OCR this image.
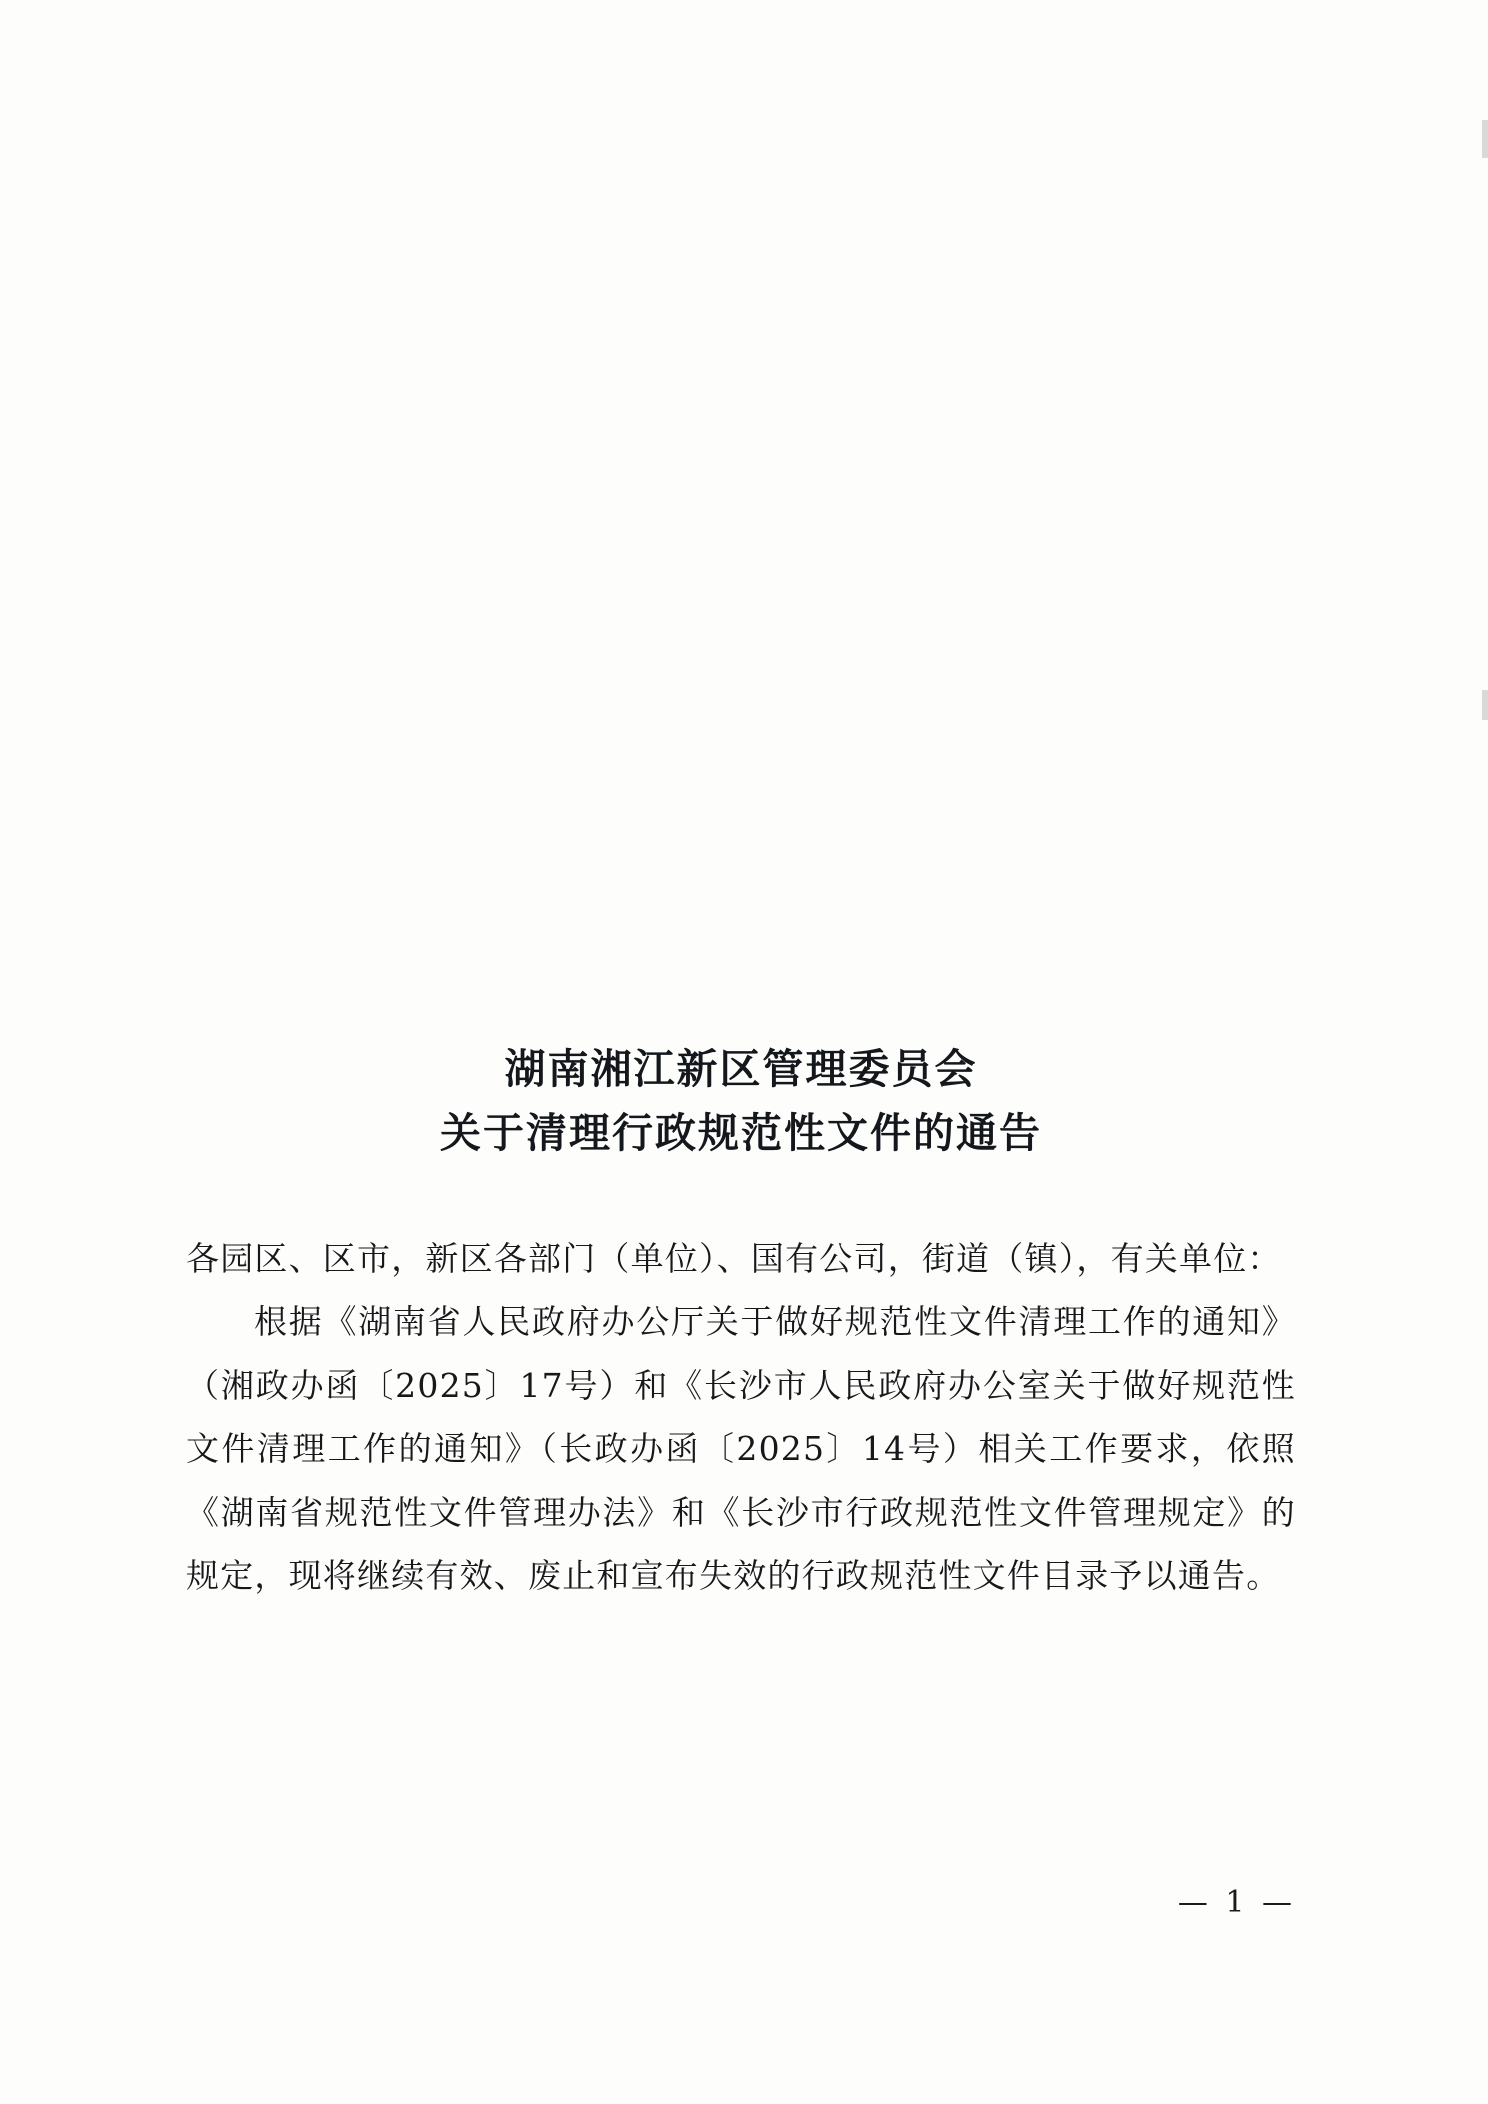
湖南湘江新区管理委员会
关于清理行政规范性文件的通告

各园区、区市，新区各部门（单位）、国有公司，街道（镇），有关单位：

根据《湖南省人民政府办公厅关于做好规范性文件清理工作的通知》（湘政办函〔2025〕17号）和《长沙市人民政府办公室关于做好规范性文件清理工作的通知》（长政办函〔2025〕14号）相关工作要求，依照《湖南省规范性文件管理办法》和《长沙市行政规范性文件管理规定》的规定，现将继续有效、废止和宣布失效的行政规范性文件目录予以通告。

— 1 —
